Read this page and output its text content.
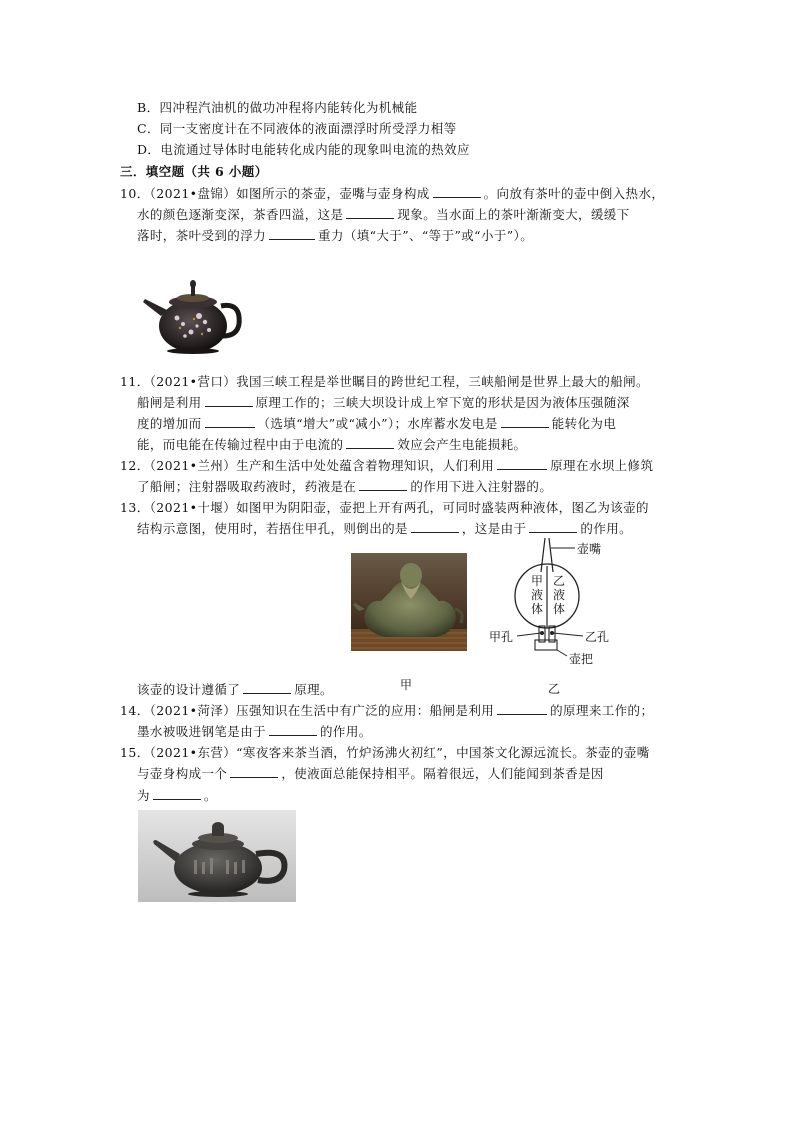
B．四冲程汽油机的做功冲程将内能转化为机械能
C．同一支密度计在不同液体的液面漂浮时所受浮力相等
D．电流通过导体时电能转化成内能的现象叫电流的热效应
三．填空题（共 6 小题）
10．（2021•盘锦）如图所示的茶壶，壶嘴与壶身构成	。向放有茶叶的壶中倒入热水，
水的颜色逐渐变深，茶香四溢，这是	现象。当水面上的茶叶渐渐变大，缓缓下
落时，茶叶受到的浮力	重力（填“大于”、“等于”或“小于”）。
11．（2021•营口）我国三峡工程是举世瞩目的跨世纪工程，三峡船闸是世界上最大的船闸。
船闸是利用	原理工作的；三峡大坝设计成上窄下宽的形状是因为液体压强随深
度的增加而	（选填“增大”或“减小”）；水库蓄水发电是	能转化为电
能，而电能在传输过程中由于电流的	效应会产生电能损耗。
12．（2021•兰州）生产和生活中处处蕴含着物理知识，人们利用	原理在水坝上修筑
了船闸；注射器吸取药液时，药液是在	的作用下进入注射器的。
13．（2021•十堰）如图甲为阴阳壶，壶把上开有两孔，可同时盛装两种液体，图乙为该壶的
结构示意图，使用时，若捂住甲孔，则倒出的是	，这是由于	的作用。
壶嘴
甲液体
乙液体
甲孔	乙孔
壶把
该壶的设计遵循了	原理。	甲	乙
14．（2021•菏泽）压强知识在生活中有广泛的应用：船闸是利用	的原理来工作的；
墨水被吸进钢笔是由于	的作用。
15．（2021•东营）“寒夜客来茶当酒，竹炉汤沸火初红”，中国茶文化源远流长。茶壶的壶嘴
与壶身构成一个	，使液面总能保持相平。隔着很远，人们能闻到茶香是因
为	。
